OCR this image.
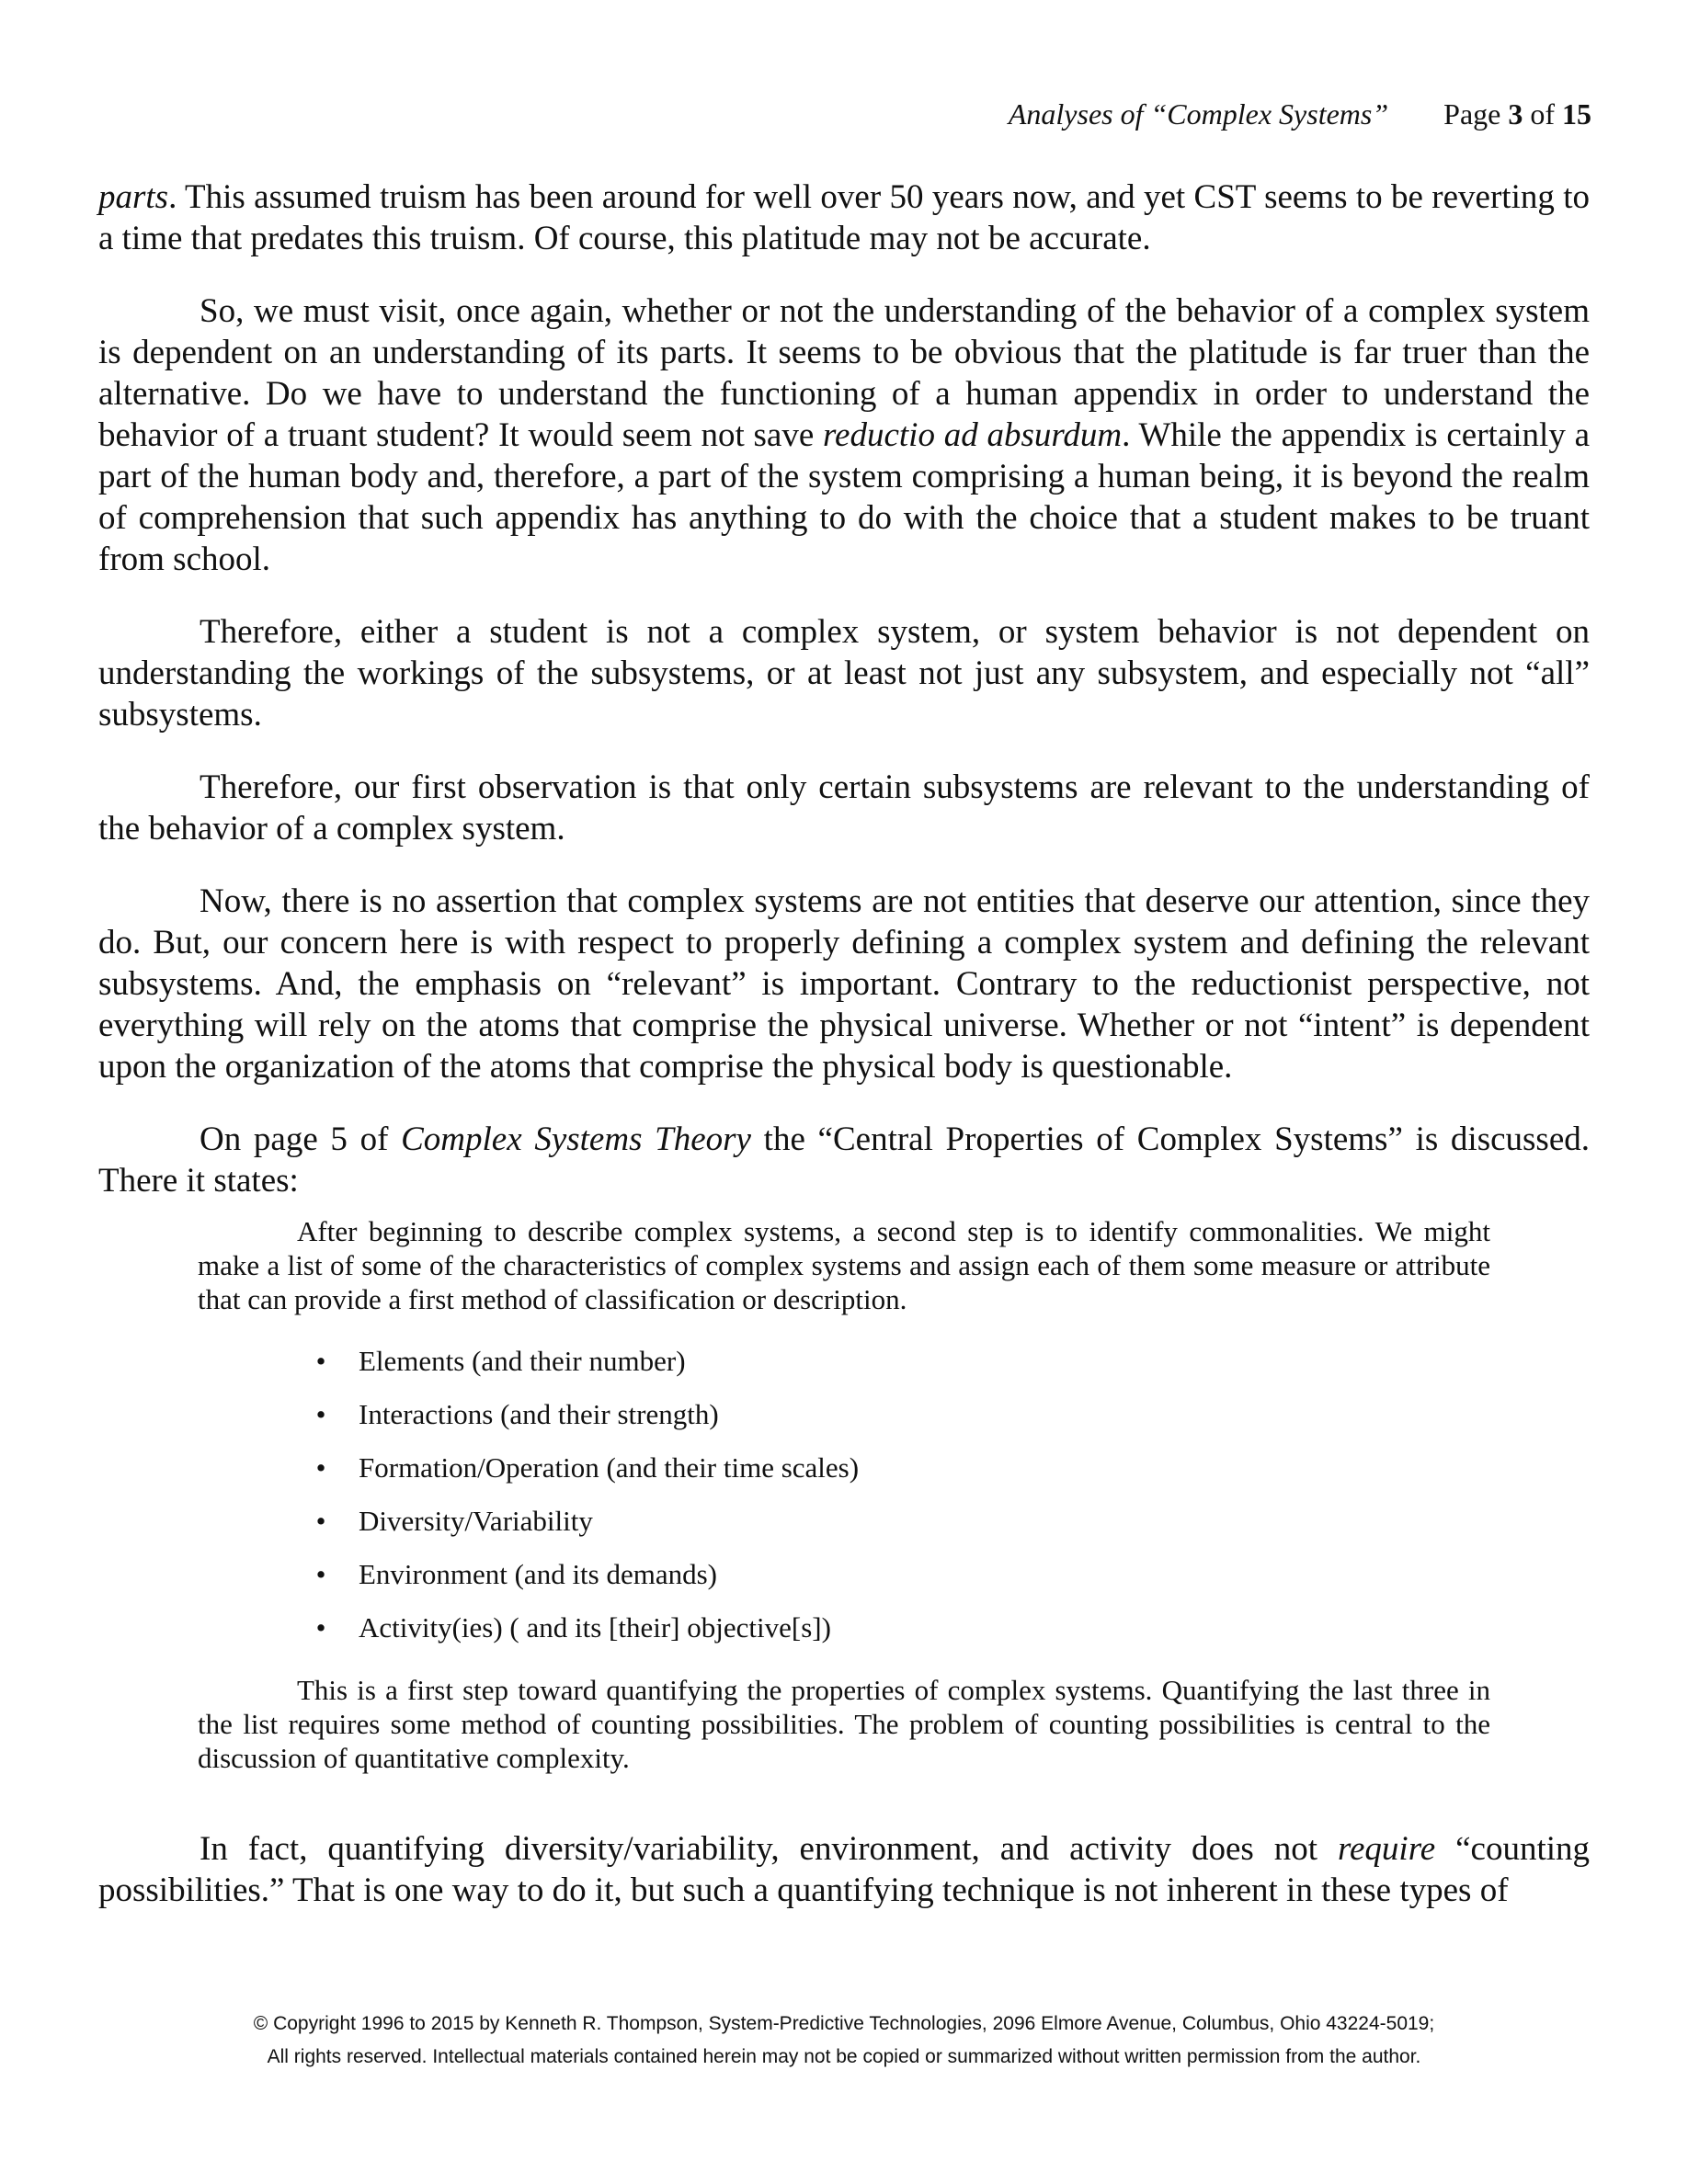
Analyses of “Complex Systems” Page 3 of 15

parts. This assumed truism has been around for well over 50 years now, and yet CST seems to be reverting to a time that predates this truism. Of course, this platitude may not be accurate.

So, we must visit, once again, whether or not the understanding of the behavior of a complex system is dependent on an understanding of its parts. It seems to be obvious that the platitude is far truer than the alternative. Do we have to understand the functioning of a human appendix in order to understand the behavior of a truant student? It would seem not save reductio ad absurdum. While the appendix is certainly a part of the human body and, therefore, a part of the system comprising a human being, it is beyond the realm of comprehension that such appendix has anything to do with the choice that a student makes to be truant from school.

Therefore, either a student is not a complex system, or system behavior is not dependent on understanding the workings of the subsystems, or at least not just any subsystem, and especially not “all” subsystems.

Therefore, our first observation is that only certain subsystems are relevant to the understanding of the behavior of a complex system.

Now, there is no assertion that complex systems are not entities that deserve our attention, since they do. But, our concern here is with respect to properly defining a complex system and defining the relevant subsystems. And, the emphasis on “relevant” is important. Contrary to the reductionist perspective, not everything will rely on the atoms that comprise the physical universe. Whether or not “intent” is dependent upon the organization of the atoms that comprise the physical body is questionable.

On page 5 of Complex Systems Theory the “Central Properties of Complex Systems” is discussed. There it states:

After beginning to describe complex systems, a second step is to identify commonalities. We might make a list of some of the characteristics of complex systems and assign each of them some measure or attribute that can provide a first method of classification or description.

•	Elements (and their number)
•	Interactions (and their strength)
•	Formation/Operation (and their time scales)
•	Diversity/Variability
•	Environment (and its demands)
•	Activity(ies) ( and its [their] objective[s])

This is a first step toward quantifying the properties of complex systems. Quantifying the last three in the list requires some method of counting possibilities. The problem of counting possibilities is central to the discussion of quantitative complexity.

In fact, quantifying diversity/variability, environment, and activity does not require “counting possibilities.” That is one way to do it, but such a quantifying technique is not inherent in these types of

© Copyright 1996 to 2015 by Kenneth R. Thompson, System-Predictive Technologies, 2096 Elmore Avenue, Columbus, Ohio 43224-5019;
All rights reserved. Intellectual materials contained herein may not be copied or summarized without written permission from the author.
